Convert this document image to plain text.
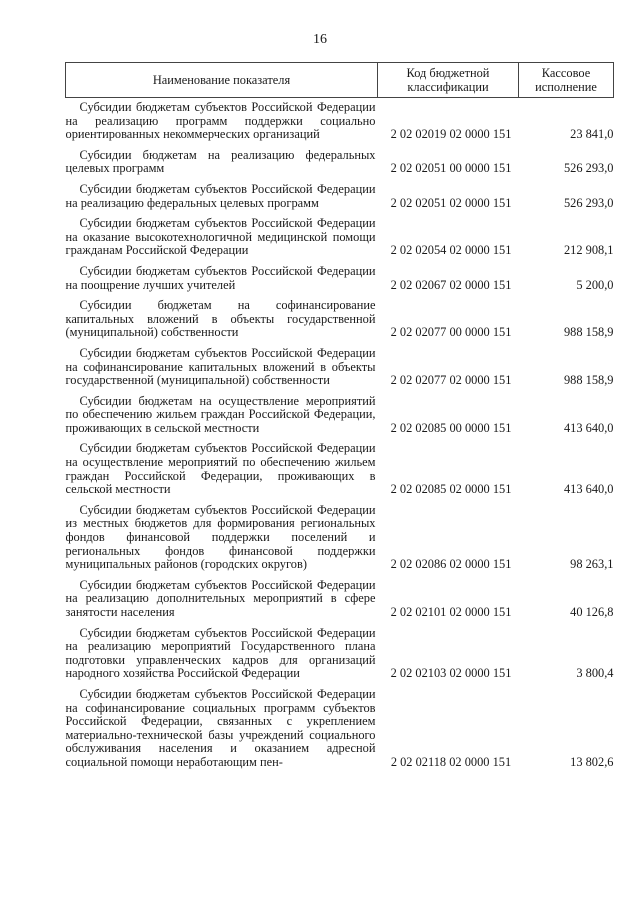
16
Наименование показателя	Код бюджетной классификации	Кассовое исполнение
Субсидии бюджетам субъектов Российской Федерации на реализацию программ поддержки социально ориентированных некоммерческих организаций	2 02 02019 02 0000 151	23 841,0
Субсидии бюджетам на реализацию федеральных целевых программ	2 02 02051 00 0000 151	526 293,0
Субсидии бюджетам субъектов Российской Федерации на реализацию федеральных целевых программ	2 02 02051 02 0000 151	526 293,0
Субсидии бюджетам субъектов Российской Федерации на оказание высокотехнологичной медицинской помощи гражданам Российской Федерации	2 02 02054 02 0000 151	212 908,1
Субсидии бюджетам субъектов Российской Федерации на поощрение лучших учителей	2 02 02067 02 0000 151	5 200,0
Субсидии бюджетам на софинансирование капитальных вложений в объекты государственной (муниципальной) собственности	2 02 02077 00 0000 151	988 158,9
Субсидии бюджетам субъектов Российской Федерации на софинансирование капитальных вложений в объекты государственной (муниципальной) собственности	2 02 02077 02 0000 151	988 158,9
Субсидии бюджетам на осуществление мероприятий по обеспечению жильем граждан Российской Федерации, проживающих в сельской местности	2 02 02085 00 0000 151	413 640,0
Субсидии бюджетам субъектов Российской Федерации на осуществление мероприятий по обеспечению жильем граждан Российской Федерации, проживающих в сельской местности	2 02 02085 02 0000 151	413 640,0
Субсидии бюджетам субъектов Российской Федерации из местных бюджетов для формирования региональных фондов финансовой поддержки поселений и региональных фондов финансовой поддержки муниципальных районов (городских округов)	2 02 02086 02 0000 151	98 263,1
Субсидии бюджетам субъектов Российской Федерации на реализацию дополнительных мероприятий в сфере занятости населения	2 02 02101 02 0000 151	40 126,8
Субсидии бюджетам субъектов Российской Федерации на реализацию мероприятий Государственного плана подготовки управленческих кадров для организаций народного хозяйства Российской Федерации	2 02 02103 02 0000 151	3 800,4
Субсидии бюджетам субъектов Российской Федерации на софинансирование социальных программ субъектов Российской Федерации, связанных с укреплением материально-технической базы учреждений социального обслуживания населения и оказанием адресной социальной помощи неработающим пен-	2 02 02118 02 0000 151	13 802,6
